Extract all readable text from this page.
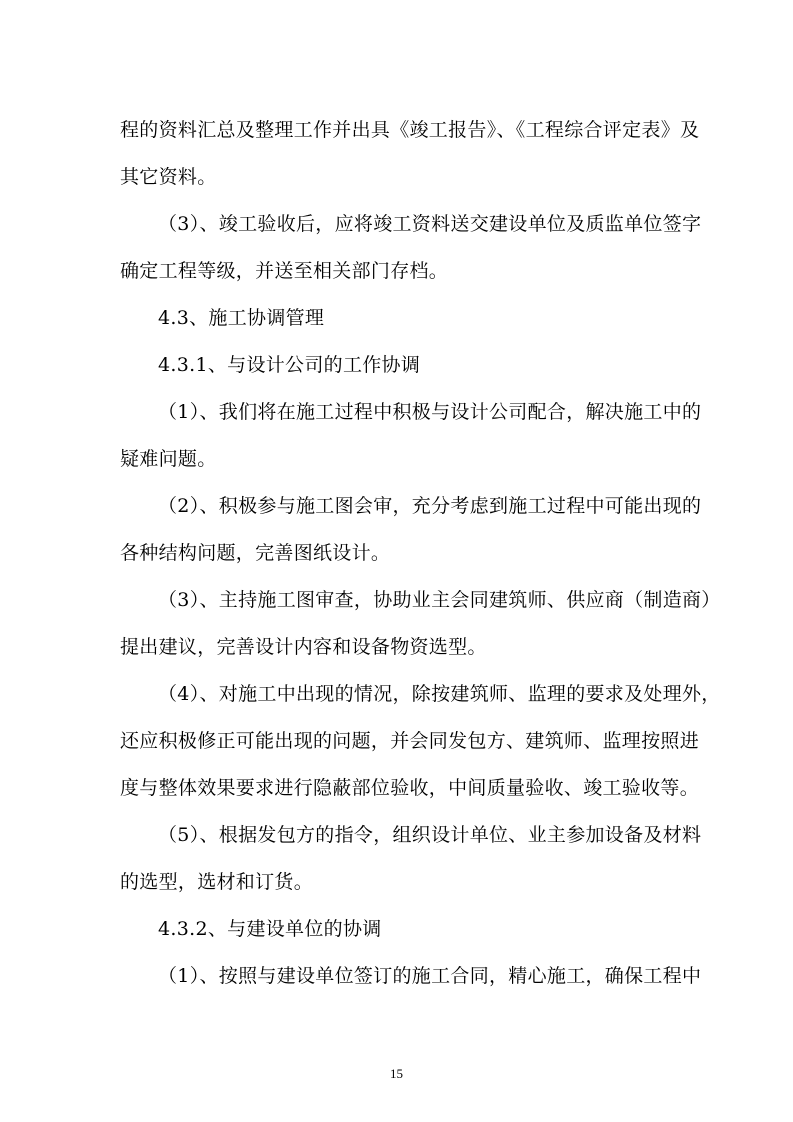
程的资料汇总及整理工作并出具《竣工报告》、《工程综合评定表》及
其它资料。
（3）、竣工验收后，应将竣工资料送交建设单位及质监单位签字
确定工程等级，并送至相关部门存档。
4.3、施工协调管理
4.3.1、与设计公司的工作协调
（1）、我们将在施工过程中积极与设计公司配合，解决施工中的
疑难问题。
（2）、积极参与施工图会审，充分考虑到施工过程中可能出现的
各种结构问题，完善图纸设计。
（3）、主持施工图审查，协助业主会同建筑师、供应商（制造商）
提出建议，完善设计内容和设备物资选型。
（4）、对施工中出现的情况，除按建筑师、监理的要求及处理外，
还应积极修正可能出现的问题，并会同发包方、建筑师、监理按照进
度与整体效果要求进行隐蔽部位验收，中间质量验收、竣工验收等。
（5）、根据发包方的指令，组织设计单位、业主参加设备及材料
的选型，选材和订货。
4.3.2、与建设单位的协调
（1）、按照与建设单位签订的施工合同，精心施工，确保工程中
15
